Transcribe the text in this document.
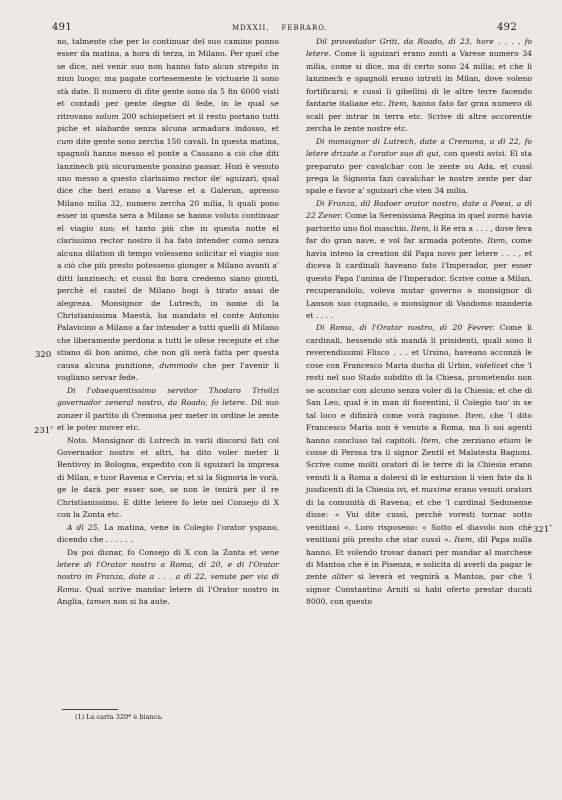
491	MDXXII, FEBRARO.	492
320
231$^v$
321*

no, talmente che per lo continuar del suo camino ponno esser da matina, a hora di terza, in Milano. Per quel che se dice, nel venir suo non hanno fato alcun strepito in niun luogo; ma pagate cortesemente le victuarie li sono stà date. Il numero di dite gente sono da 5 fin 6000 visti et contadi per gente degne di fede, in le qual se ritrovano solum 200 schiopetieri et il resto portano tutti piche et alabarde senza alcuna armadura indosso, et cum dite gente sono zercha 150 cavali. In questa matina, spagnoli hanno messo el ponte a Cassano a ciò che diti lanzinech più sicuramente possino passar. Hozi è venuto uno messo a questo clarissimo rector de' sguizari, qual dice che heri erano a Varese et a Galeran, apresso Milano milia 32, numero zercha 20 milia, li quali pono esser in questa sera a Milano se hanno voluto continuar el viagio suo; et tanto più che in questa notte el clarissimo rector nostro li ha fato intender como senza alcuna dilation di tempo volesseno solicitar el viagio suo a ciò che più presto potesseno gionger a Milano avanti a' ditti lanzinech; et cussì fin hora credemo siano gionti, perchè el castel de Milano hogi à tirato assai de alegreza. Monsignor de Lutrech, in nome di la Christianissima Maestà, ha mandato el conte Antonio Palavicino a Milano a far intender a tutti quelli di Milano che liberamente perdona a tutti le ofese recepute et che stiano di bon animo, che non gli serà fatta per questa causa alcuna punitione, dummodo che per l'avenir li vogliano servar fede.

Di l'obsequentissimo servitor Thodaro Trivilzi governador zeneral nostro, da Roado, fo letere. Dil suo zonzer il partito di Cremona per meter in ordine le zente et le poter mover etc.

Noto. Monsignor di Lutrech in varii discorsi fati col Governador nostro et altri, ha dito voler meter li Bentivoy in Bologna, expedito con li sguizari la impresa di Milan, e tuor Ravena e Cervia; et si la Signoria le vorà, ge le darà per esser soe, se non le tenirà per il re Christianissimo. E ditte letere fo lete nel Consejo di X con la Zonta etc.

A dì 25. La matina, vene in Colegio l'orator yspano, dicendo che . . . . . .

Da poi disnar, fo Consejo di X con la Zonta et vene letere di l'Orator nostro a Roma, di 20, e di l'Orator nostro in Franza, date a . . . a dì 22, venute per via di Roma. Qual scrive mandar letere di l'Orator nostro in Anglia, tamen non si ha aute.

(1) La carta 320* è bianca.

Dil provedador Griti, da Roado, di 23, hore . . . , fo letere. Come li sguizari erano zonti a Varese numero 34 milia, come si dice, ma di certo sono 24 milia; et che li lanzinech e spagnoli erano intrati in Milan, dove voleno fortificarsi; e cussì li gibellini di le altre terre facendo fantarie italiane etc. Item, hanno fato far gran numero di scali per intrar in terra etc. Scrive di altre occorentie zercha le zente nostre etc.

Di monsignor di Lutrech, date a Cremona, a dì 22, fo letere drizate a l'orator suo di qui, con questi avisi. El sta preparato per cavalchar con le zente su Ada, et cussì prega la Signoria fazi cavalchar le nostre zente per dar spale e favor a' sguizari che vien 34 milia.

Di Franza, dil Badoer orator nostro, date a Poesi, a dì 22 Zener. Come la Serenissima Regina in quel zorno havia partorito uno fiol maschio. Item, li Re era a . . . , dove feva far do gran nave, e vol far armada potente. Item, come havia inteso la creation dil Papa novo per letere . . . , et diceva li cardinali haveano fato l'Imperador, per esser questo Papa l'anima de l'Imperador. Scrive come a Milan, recuperandolo, voleva mutar governo o monsignor di Lanson suo cugnado, o monsignor di Vandomo manderia et . . . .

Di Roma, di l'Orator nostro, di 20 Fevrer. Come li cardinali, hessendo stà mandà li prisidenti, quali sono li reverendissimi Flisco . . . et Ursino, haveano acconzà le cose con Francesco Maria ducha di Urbin, videlicet che 'l resti nel suo Stado subdito di la Chiesa, prometendo non se aconciar con alcuno senza voler di la Chiesia; et che di San Leo, qual è in man di fiorentini, il Colegio tuo' in se tal loco e difinirà come vorà ragione. Item, che 'l dito Francesco Maria non è venuto a Roma, ma li soi agenti hanno concluso tal capitoli. Item, che zerziano etiam le cosse di Perosa tra il signor Zentil et Malatesta Bagioni. Scrive come molti oratori di le terre di la Chiesia erano venuti li a Roma a dolersi di le extursion li vien fate da li jusdicenti di la Chiesia ivi, et maxime erano venuti oratori di la comunità di Ravena; et che 'l cardinal Sedunense disse: « Vui dite cussì, perchè voresti tornar sotto venitiani ». Loro risposeno: « Sotto el diavolo non chè venitiani più presto che star cussì ». Item, dil Papa nulla hanno. Et volendo trovar danari per mandar al marchese di Mantoa che è in Pisenza, e solicita di averli da pagar le zente aliter si leverà et vegnirà a Mantoa, par che 'l signor Constantino Arniti si habi oferto prestar ducati 8000, con questo
